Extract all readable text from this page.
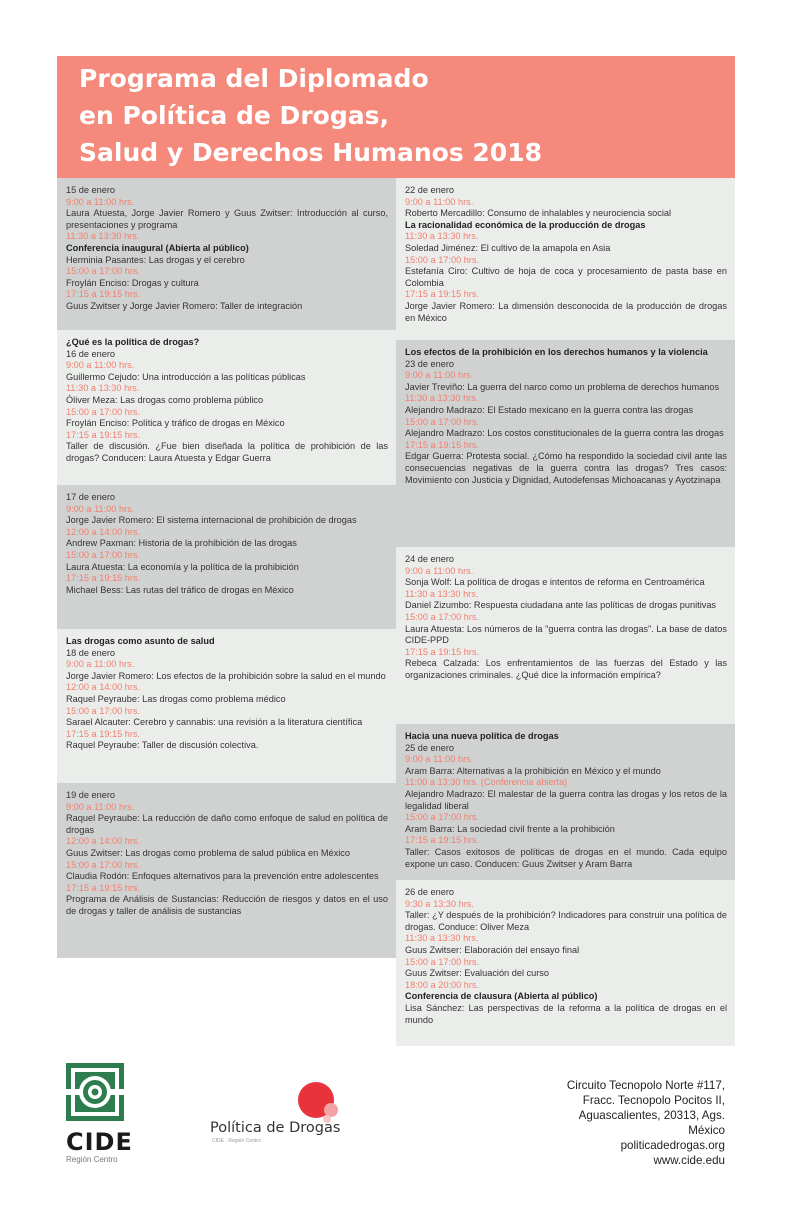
Programa del Diplomado
en Política de Drogas,
Salud y Derechos Humanos 2018

15 de enero

9:00 a 11:00 hrs.

Laura Atuesta, Jorge Javier Romero y Guus Zwitser: Introducción al curso, presentaciones y programa

11:30 a 13:30 hrs.

Conferencia inaugural (Abierta al público)

Herminia Pasantes: Las drogas y el cerebro

15:00 a 17:00 hrs.

Froylán Enciso: Drogas y cultura

17:15 a 19:15 hrs.

Guus Zwitser y Jorge Javier Romero: Taller de integración

¿Qué es la política de drogas?

16 de enero

9:00 a 11:00 hrs.

Guillermo Cejudo: Una introducción a las políticas públicas

11:30 a 13:30 hrs.

Óliver Meza: Las drogas como problema público

15:00 a 17:00 hrs.

Froylán Enciso: Política y tráfico de drogas en México

17:15 a 19:15 hrs.

Taller de discusión. ¿Fue bien diseñada la política de prohibición de las drogas? Conducen: Laura Atuesta y Edgar Guerra

17 de enero

9:00 a 11:00 hrs.

Jorge Javier Romero: El sistema internacional de prohibición de drogas

12:00 a 14:00 hrs.

Andrew Paxman: Historia de la prohibición de las drogas

15:00 a 17:00 hrs.

Laura Atuesta: La economía y la política de la prohibición

17:15 a 19:15 hrs.

Michael Bess: Las rutas del tráfico de drogas en México

Las drogas como asunto de salud

18 de enero

9:00 a 11:00 hrs.

Jorge Javier Romero: Los efectos de la prohibición sobre la salud en el mundo

12:00 a 14:00 hrs.

Raquel Peyraube: Las drogas como problema médico

15:00 a 17:00 hrs.

Sarael Alcauter: Cerebro y cannabis: una revisión a la literatura científica

17:15 a 19:15 hrs.

Raquel Peyraube: Taller de discusión colectiva.

19 de enero

9:00 a 11:00 hrs.

Raquel Peyraube: La reducción de daño como enfoque de salud en política de drogas

12:00 a 14:00 hrs.

Guus Zwitser: Las drogas como problema de salud pública en México

15:00 a 17:00 hrs.

Claudia Rodón: Enfoques alternativos para la prevención entre adolescentes

17:15 a 19:15 hrs.

Programa de Análisis de Sustancias: Reducción de riesgos y datos en el uso de drogas y taller de análisis de sustancias

22 de enero

9:00 a 11:00 hrs.

Roberto Mercadillo: Consumo de inhalables y neurociencia social

La racionalidad económica de la producción de drogas

11:30 a 13:30 hrs.

Soledad Jiménez: El cultivo de la amapola en Asia

15:00 a 17:00 hrs.

Estefanía Ciro: Cultivo de hoja de coca y procesamiento de pasta base en Colombia

17:15 a 19:15 hrs.

Jorge Javier Romero: La dimensión desconocida de la producción de drogas en México

Los efectos de la prohibición en los derechos humanos y la violencia

23 de enero

9:00 a 11:00 hrs.

Javier Treviño: La guerra del narco como un problema de derechos humanos

11:30 a 13:30 hrs.

Alejandro Madrazo: El Estado mexicano en la guerra contra las drogas

15:00 a 17:00 hrs.

Alejandro Madrazo: Los costos constitucionales de la guerra contra las drogas

17:15 a 19:15 hrs.

Edgar Guerra: Protesta social. ¿Cómo ha respondido la sociedad civil ante las consecuencias negativas de la guerra contra las drogas? Tres casos: Movimiento con Justicia y Dignidad, Autodefensas Michoacanas y Ayotzinapa

24 de enero

9:00 a 11:00 hrs.

Sonja Wolf: La política de drogas e intentos de reforma en Centroamérica

11:30 a 13:30 hrs.

Daniel Zizumbo: Respuesta ciudadana ante las políticas de drogas punitivas

15:00 a 17:00 hrs.

Laura Atuesta: Los números de la "guerra contra las drogas". La base de datos CIDE-PPD

17:15 a 19:15 hrs.

Rebeca Calzada: Los enfrentamientos de las fuerzas del Estado y las organizaciones criminales. ¿Qué dice la información empírica?

Hacia una nueva política de drogas

25 de enero

9:00 a 11:00 hrs.

Aram Barra: Alternativas a la prohibición en México y el mundo

11:00 a 13:30 hrs. (Conferencia abierta)

Alejandro Madrazo: El malestar de la guerra contra las drogas y los retos de la legalidad liberal

15:00 a 17:00 hrs.

Aram Barra: La sociedad civil frente a la prohibición

17:15 a 19:15 hrs.

Taller: Casos exitosos de políticas de drogas en el mundo. Cada equipo expone un caso. Conducen: Guus Zwitser y Aram Barra

26 de enero

9:30 a 13:30 hrs.

Taller: ¿Y después de la prohibición? Indicadores para construir una política de drogas. Conduce: Oliver Meza

11:30 a 13:30 hrs.

Guus Zwitser: Elaboración del ensayo final

15:00 a 17:00 hrs.

Guus Zwitser: Evaluación del curso

18:00 a 20:00 hrs.

Conferencia de clausura (Abierta al público)

Lisa Sánchez: Las perspectivas de la reforma a la política de drogas en el mundo

CIDE
Región Centro
Política de Drogas
CIDE · Región Centro

Circuito Tecnopolo Norte #117,

Fracc. Tecnopolo Pocitos II,

Aguascalientes, 20313, Ags.

México

politicadedrogas.org

www.cide.edu
